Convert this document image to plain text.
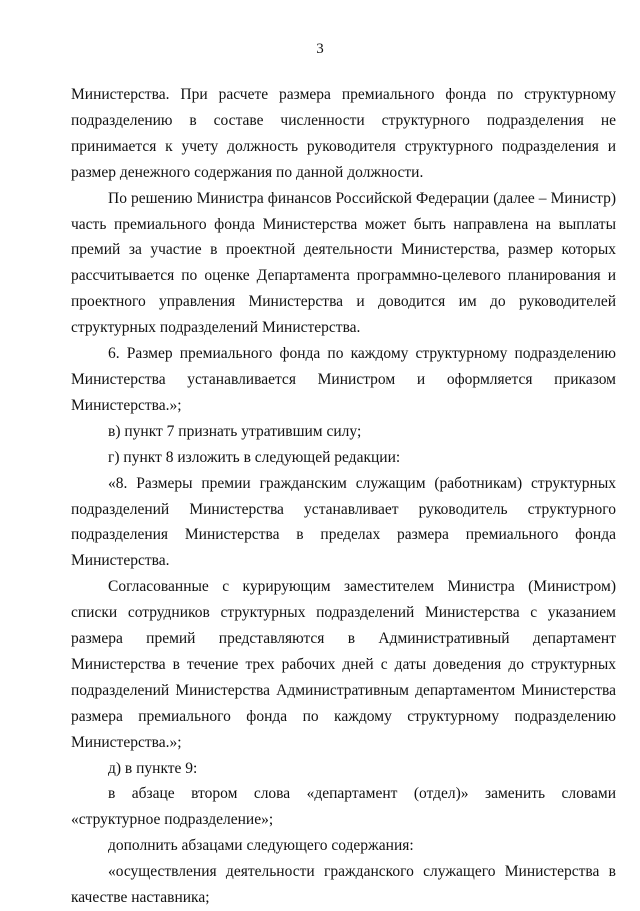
3

Министерства. При расчете размера премиального фонда по структурному подразделению в составе численности структурного подразделения не принимается к учету должность руководителя структурного подразделения и размер денежного содержания по данной должности.

По решению Министра финансов Российской Федерации (далее – Министр) часть премиального фонда Министерства может быть направлена на выплаты премий за участие в проектной деятельности Министерства, размер которых рассчитывается по оценке Департамента программно-целевого планирования и проектного управления Министерства и доводится им до руководителей структурных подразделений Министерства.

6. Размер премиального фонда по каждому структурному подразделению Министерства устанавливается Министром и оформляется приказом Министерства.»;

в) пункт 7 признать утратившим силу;

г) пункт 8 изложить в следующей редакции:

«8. Размеры премии гражданским служащим (работникам) структурных подразделений Министерства устанавливает руководитель структурного подразделения Министерства в пределах размера премиального фонда Министерства.

Согласованные с курирующим заместителем Министра (Министром) списки сотрудников структурных подразделений Министерства с указанием размера премий представляются в Административный департамент Министерства в течение трех рабочих дней с даты доведения до структурных подразделений Министерства Административным департаментом Министерства размера премиального фонда по каждому структурному подразделению Министерства.»;

д) в пункте 9:

в абзаце втором слова «департамент (отдел)» заменить словами «структурное подразделение»;

дополнить абзацами следующего содержания:

«осуществления деятельности гражданского служащего Министерства в качестве наставника;
